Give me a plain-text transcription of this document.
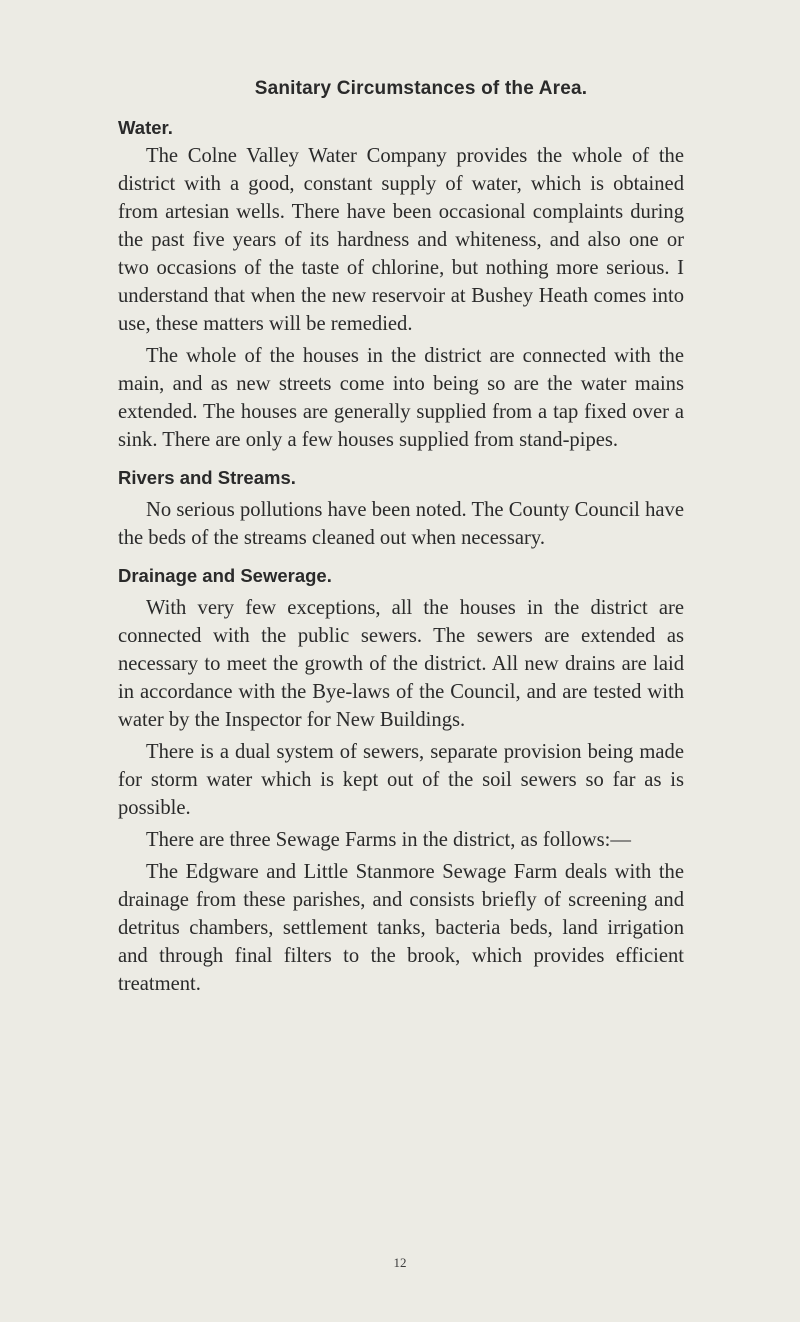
Sanitary Circumstances of the Area.
Water.

The Colne Valley Water Company provides the whole of the district with a good, constant supply of water, which is obtained from artesian wells. There have been occasional complaints during the past five years of its hardness and whiteness, and also one or two occasions of the taste of chlorine, but nothing more serious. I understand that when the new reservoir at Bushey Heath comes into use, these matters will be remedied.

The whole of the houses in the district are connected with the main, and as new streets come into being so are the water mains extended. The houses are generally supplied from a tap fixed over a sink. There are only a few houses supplied from stand-pipes.

Rivers and Streams.

No serious pollutions have been noted. The County Council have the beds of the streams cleaned out when necessary.

Drainage and Sewerage.

With very few exceptions, all the houses in the district are connected with the public sewers. The sewers are extended as necessary to meet the growth of the district. All new drains are laid in accordance with the Bye-laws of the Council, and are tested with water by the Inspector for New Buildings.

There is a dual system of sewers, separate provision being made for storm water which is kept out of the soil sewers so far as is possible.

There are three Sewage Farms in the district, as follows:—

The Edgware and Little Stanmore Sewage Farm deals with the drainage from these parishes, and consists briefly of screening and detritus chambers, settlement tanks, bacteria beds, land irrigation and through final filters to the brook, which provides efficient treatment.

12
